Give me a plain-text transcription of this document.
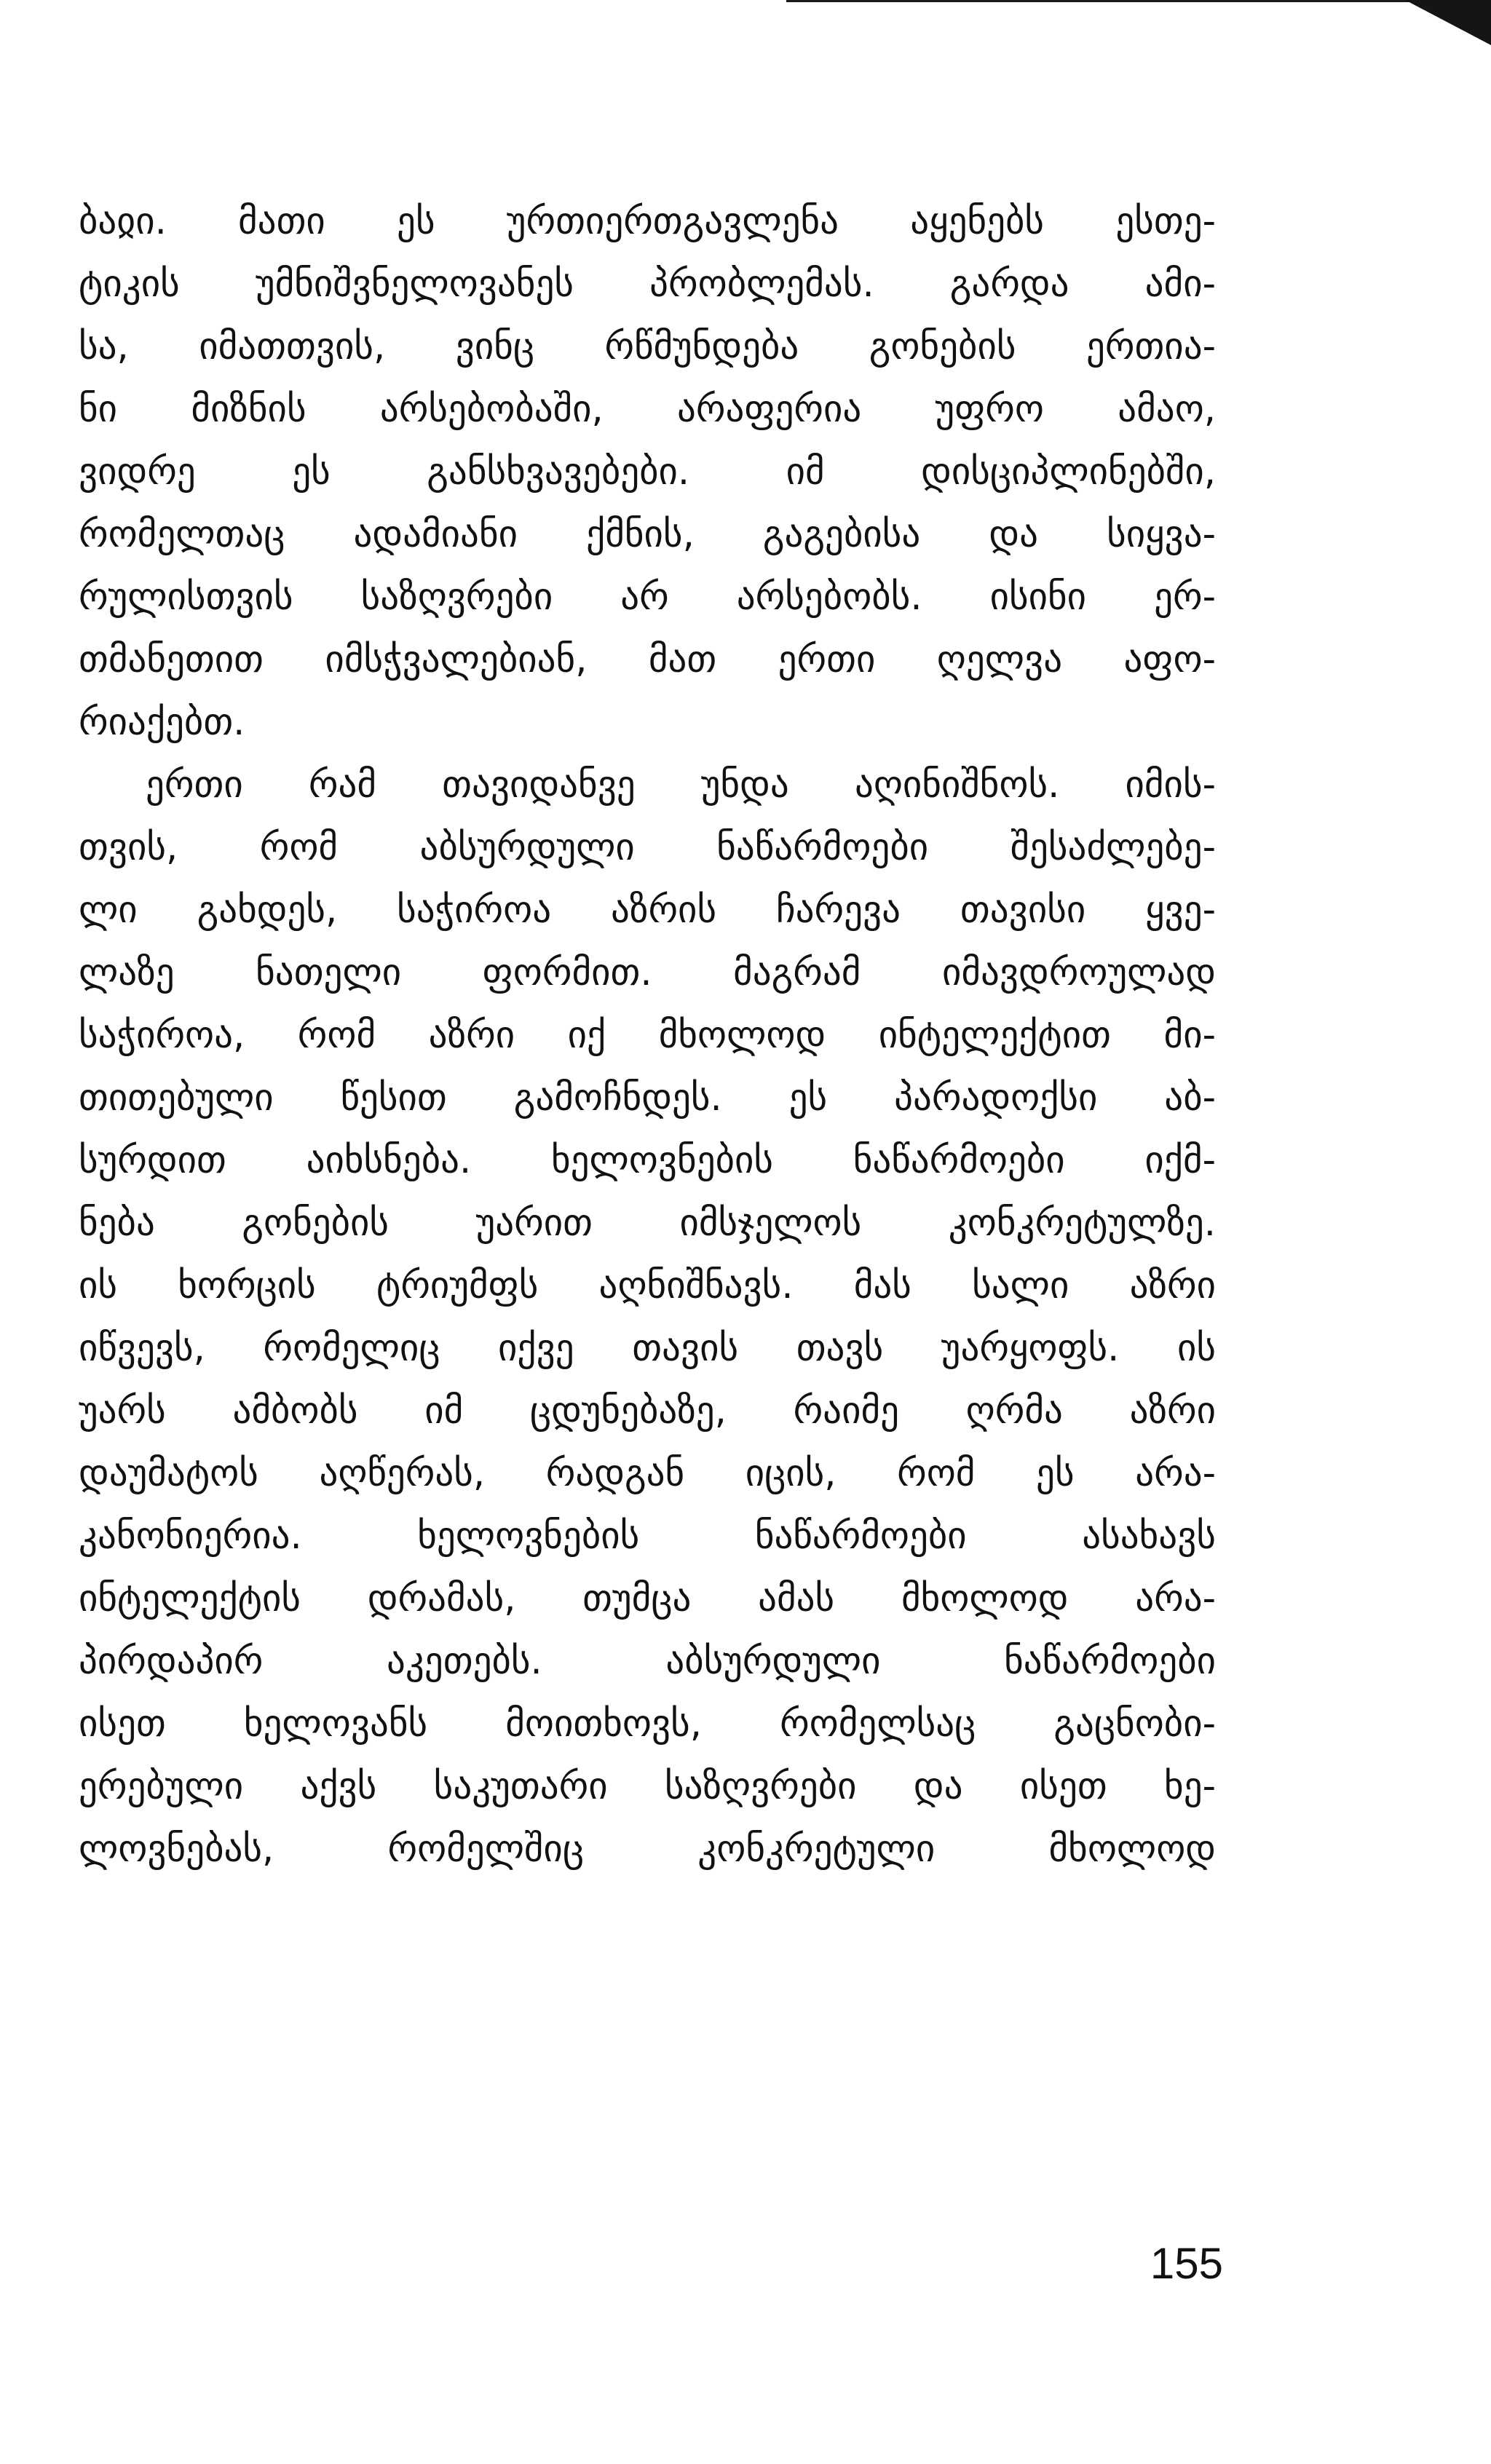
ბაჲი. მათი ეს ურთიერთგავლენა აყენებს ესთე-
ტიკის უმნიშვნელოვანეს პრობლემას. გარდა ამი-
სა, იმათთვის, ვინც რწმუნდება გონების ერთია-
ნი მიზნის არსებობაში, არაფერია უფრო ამაო,
ვიდრე ეს განსხვავებები. იმ დისციპლინებში,
რომელთაც ადამიანი ქმნის, გაგებისა და სიყვა-
რულისთვის საზღვრები არ არსებობს. ისინი ერ-
თმანეთით იმსჭვალებიან, მათ ერთი ღელვა აფო-
რიაქებთ.
ერთი რამ თავიდანვე უნდა აღინიშნოს. იმის-
თვის, რომ აბსურდული ნაწარმოები შესაძლებე-
ლი გახდეს, საჭიროა აზრის ჩარევა თავისი ყვე-
ლაზე ნათელი ფორმით. მაგრამ იმავდროულად
საჭიროა, რომ აზრი იქ მხოლოდ ინტელექტით მი-
თითებული წესით გამოჩნდეს. ეს პარადოქსი აბ-
სურდით აიხსნება. ხელოვნების ნაწარმოები იქმ-
ნება გონების უარით იმსჯელოს კონკრეტულზე.
ის ხორცის ტრიუმფს აღნიშნავს. მას სალი აზრი
იწვევს, რომელიც იქვე თავის თავს უარყოფს. ის
უარს ამბობს იმ ცდუნებაზე, რაიმე ღრმა აზრი
დაუმატოს აღწერას, რადგან იცის, რომ ეს არა-
კანონიერია. ხელოვნების ნაწარმოები ასახავს
ინტელექტის დრამას, თუმცა ამას მხოლოდ არა-
პირდაპირ აკეთებს. აბსურდული ნაწარმოები
ისეთ ხელოვანს მოითხოვს, რომელსაც გაცნობი-
ერებული აქვს საკუთარი საზღვრები და ისეთ ხე-
ლოვნებას, რომელშიც კონკრეტული მხოლოდ
155
